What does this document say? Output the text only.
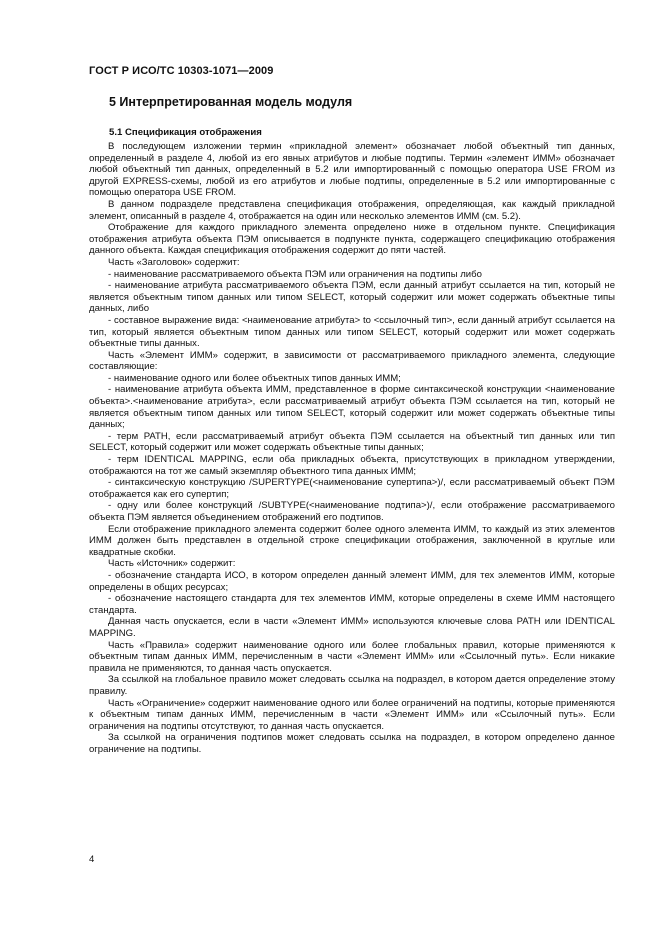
ГОСТ Р ИСО/ТС 10303-1071—2009
5 Интерпретированная модель модуля
5.1 Спецификация отображения

В последующем изложении термин «прикладной элемент» обозначает любой объектный тип данных, определенный в разделе 4, любой из его явных атрибутов и любые подтипы. Термин «элемент ИММ» обозначает любой объектный тип данных, определенный в 5.2 или импортированный с помощью оператора USE FROM из другой EXPRESS-схемы, любой из его атрибутов и любые подтипы, определенные в 5.2 или импортированные с помощью оператора USE FROM.

В данном подразделе представлена спецификация отображения, определяющая, как каждый прикладной элемент, описанный в разделе 4, отображается на один или несколько элементов ИММ (см. 5.2).

Отображение для каждого прикладного элемента определено ниже в отдельном пункте. Спецификация отображения атрибута объекта ПЭМ описывается в подпункте пункта, содержащего спецификацию отображения данного объекта. Каждая спецификация отображения содержит до пяти частей.

Часть «Заголовок» содержит:

- наименование рассматриваемого объекта ПЭМ или ограничения на подтипы либо

- наименование атрибута рассматриваемого объекта ПЭМ, если данный атрибут ссылается на тип, который не является объектным типом данных или типом SELECT, который содержит или может содержать объектные типы данных, либо

- составное выражение вида: <наименование атрибута> to <ссылочный тип>, если данный атрибут ссылается на тип, который является объектным типом данных или типом SELECT, который содержит или может содержать объектные типы данных.

Часть «Элемент ИММ» содержит, в зависимости от рассматриваемого прикладного элемента, следующие составляющие:

- наименование одного или более объектных типов данных ИММ;

- наименование атрибута объекта ИММ, представленное в форме синтаксической конструкции <наименование объекта>.<наименование атрибута>, если рассматриваемый атрибут объекта ПЭМ ссылается на тип, который не является объектным типом данных или типом SELECT, который содержит или может содержать объектные типы данных;

- терм PATH, если рассматриваемый атрибут объекта ПЭМ ссылается на объектный тип данных или тип SELECT, который содержит или может содержать объектные типы данных;

- терм IDENTICAL MAPPING, если оба прикладных объекта, присутствующих в прикладном утверждении, отображаются на тот же самый экземпляр объектного типа данных ИММ;

- синтаксическую конструкцию /SUPERTYPE(<наименование супертипа>)/, если рассматриваемый объект ПЭМ отображается как его супертип;

- одну или более конструкций /SUBTYPE(<наименование подтипа>)/, если отображение рассматриваемого объекта ПЭМ является объединением отображений его подтипов.

Если отображение прикладного элемента содержит более одного элемента ИММ, то каждый из этих элементов ИММ должен быть представлен в отдельной строке спецификации отображения, заключенной в круглые или квадратные скобки.

Часть «Источник» содержит:

- обозначение стандарта ИСО, в котором определен данный элемент ИММ, для тех элементов ИММ, которые определены в общих ресурсах;

- обозначение настоящего стандарта для тех элементов ИММ, которые определены в схеме ИММ настоящего стандарта.

Данная часть опускается, если в части «Элемент ИММ» используются ключевые слова PATH или IDENTICAL MAPPING.

Часть «Правила» содержит наименование одного или более глобальных правил, которые применяются к объектным типам данных ИММ, перечисленным в части «Элемент ИММ» или «Ссылочный путь». Если никакие правила не применяются, то данная часть опускается.

За ссылкой на глобальное правило может следовать ссылка на подраздел, в котором дается определение этому правилу.

Часть «Ограничение» содержит наименование одного или более ограничений на подтипы, которые применяются к объектным типам данных ИММ, перечисленным в части «Элемент ИММ» или «Ссылочный путь». Если ограничения на подтипы отсутствуют, то данная часть опускается.

За ссылкой на ограничения подтипов может следовать ссылка на подраздел, в котором определено данное ограничение на подтипы.

4
